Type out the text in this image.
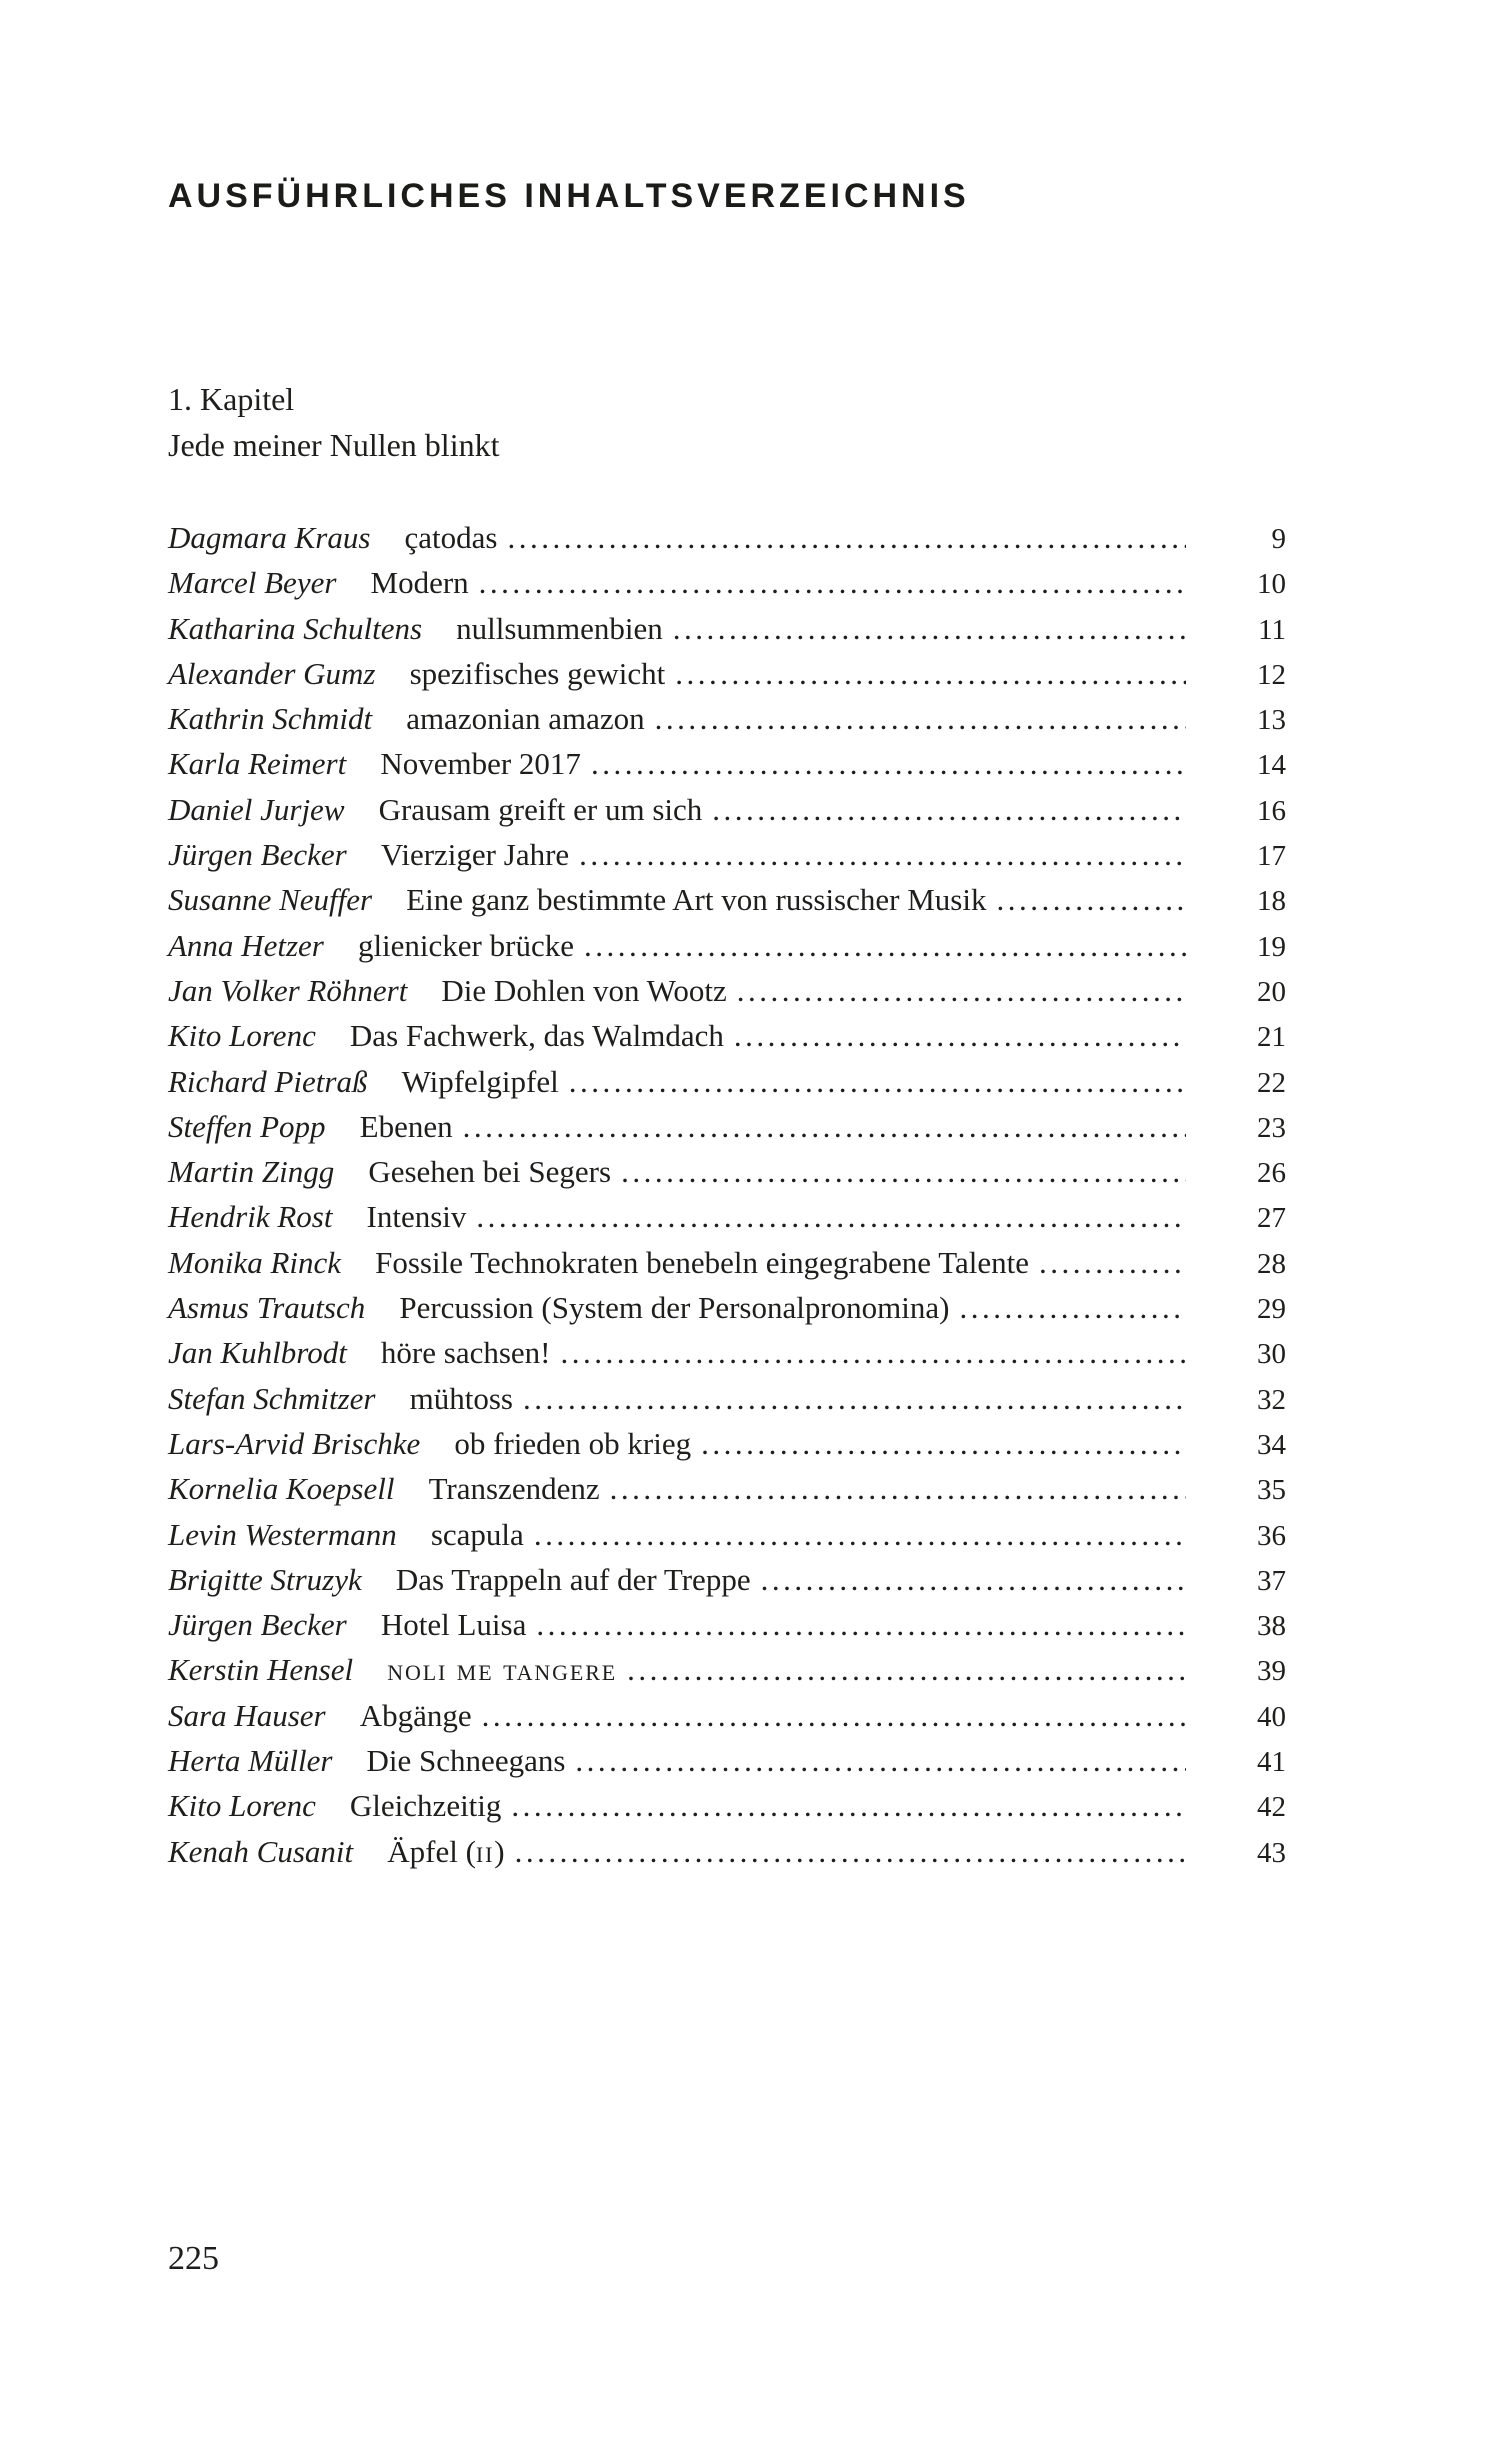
AUSFÜHRLICHES INHALTSVERZEICHNIS
1. Kapitel
Jede meiner Nullen blinkt
Dagmara Kraus çatodas .....	9
Marcel Beyer Modern .....	10
Katharina Schultens nullsummenbien .....	11
Alexander Gumz spezifisches gewicht .....	12
Kathrin Schmidt amazonian amazon .....	13
Karla Reimert November 2017 .....	14
Daniel Jurjew Grausam greift er um sich .....	16
Jürgen Becker Vierziger Jahre .....	17
Susanne Neuffer Eine ganz bestimmte Art von russischer Musik .....	18
Anna Hetzer glienicker brücke .....	19
Jan Volker Röhnert Die Dohlen von Wootz .....	20
Kito Lorenc Das Fachwerk, das Walmdach .....	21
Richard Pietraß Wipfelgipfel .....	22
Steffen Popp Ebenen .....	23
Martin Zingg Gesehen bei Segers .....	26
Hendrik Rost Intensiv .....	27
Monika Rinck Fossile Technokraten benebeln eingegrabene Talente .....	28
Asmus Trautsch Percussion (System der Personalpronomina) .....	29
Jan Kuhlbrodt höre sachsen! .....	30
Stefan Schmitzer mühtoss .....	32
Lars-Arvid Brischke ob frieden ob krieg .....	34
Kornelia Koepsell Transzendenz .....	35
Levin Westermann scapula .....	36
Brigitte Struzyk Das Trappeln auf der Treppe .....	37
Jürgen Becker Hotel Luisa .....	38
Kerstin Hensel noli me tangere .....	39
Sara Hauser Abgänge .....	40
Herta Müller Die Schneegans .....	41
Kito Lorenc Gleichzeitig .....	42
Kenah Cusanit Äpfel (ii) .....	43
225
